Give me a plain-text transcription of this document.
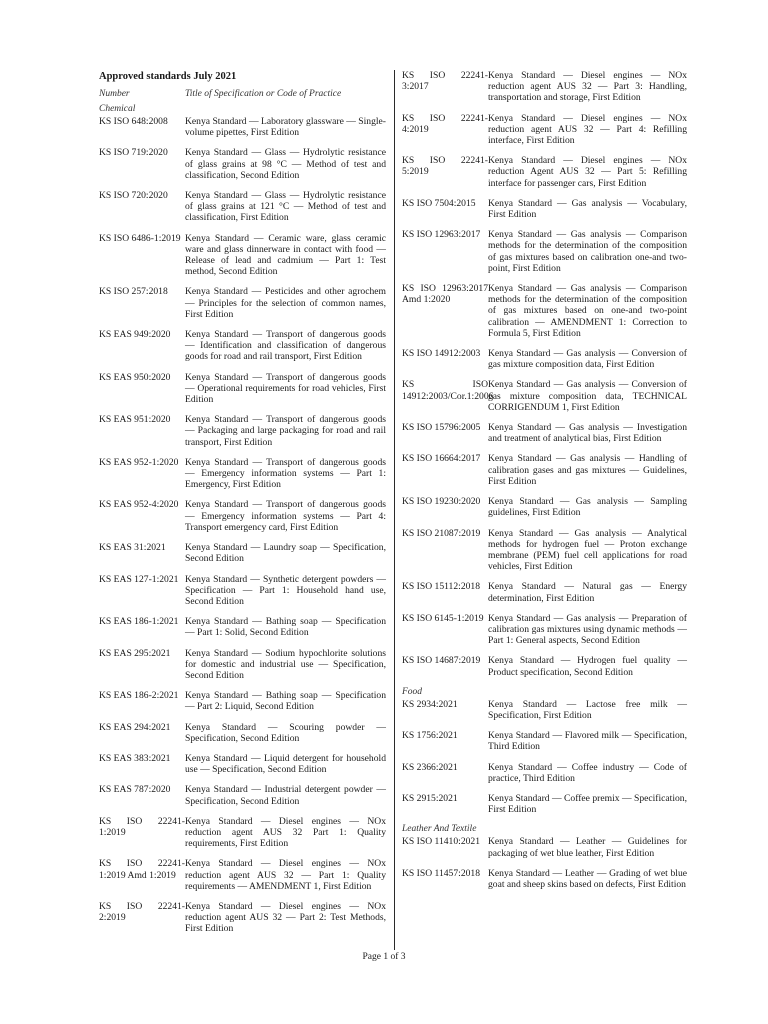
Approved standards July 2021
Number	Title of Specification or Code of Practice
Chemical
KS ISO 648:2008	Kenya Standard — Laboratory glassware — Single-volume pipettes, First Edition
KS ISO 719:2020	Kenya Standard — Glass — Hydrolytic resistance of glass grains at 98 °C — Method of test and classification, Second Edition
KS ISO 720:2020	Kenya Standard — Glass — Hydrolytic resistance of glass grains at 121 °C — Method of test and classification, First Edition
KS ISO 6486-1:2019 Kenya Standard — Ceramic ware, glass ceramic ware and glass dinnerware in contact with food — Release of lead and cadmium — Part 1: Test method, Second Edition
KS ISO 257:2018	Kenya Standard — Pesticides and other agrochem — Principles for the selection of common names, First Edition
KS EAS 949:2020	Kenya Standard — Transport of dangerous goods — Identification and classification of dangerous goods for road and rail transport, First Edition
KS EAS 950:2020	Kenya Standard — Transport of dangerous goods — Operational requirements for road vehicles, First Edition
KS EAS 951:2020	Kenya Standard — Transport of dangerous goods — Packaging and large packaging for road and rail transport, First Edition
KS EAS 952-1:2020 Kenya Standard — Transport of dangerous goods — Emergency information systems — Part 1: Emergency, First Edition
KS EAS 952-4:2020 Kenya Standard — Transport of dangerous goods — Emergency information systems — Part 4: Transport emergency card, First Edition
KS EAS 31:2021	Kenya Standard — Laundry soap — Specification, Second Edition
KS EAS 127-1:2021 Kenya Standard — Synthetic detergent powders — Specification — Part 1: Household hand use, Second Edition
KS EAS 186-1:2021 Kenya Standard — Bathing soap — Specification — Part 1: Solid, Second Edition
KS EAS 295:2021	Kenya Standard — Sodium hypochlorite solutions for domestic and industrial use — Specification, Second Edition
KS EAS 186-2:2021 Kenya Standard — Bathing soap — Specification — Part 2: Liquid, Second Edition
KS EAS 294:2021	Kenya Standard — Scouring powder — Specification, Second Edition
KS EAS 383:2021	Kenya Standard — Liquid detergent for household use — Specification, Second Edition
KS EAS 787:2020	Kenya Standard — Industrial detergent powder — Specification, Second Edition
KS ISO 22241-1:2019
Kenya Standard — Diesel engines — NOx reduction agent AUS 32 Part 1: Quality requirements, First Edition
KS ISO 22241-1:2019 Amd 1:2019
Kenya Standard — Diesel engines — NOx reduction agent AUS 32 — Part 1: Quality requirements — AMENDMENT 1, First Edition
KS ISO 22241-2:2019
Kenya Standard — Diesel engines — NOx reduction agent AUS 32 — Part 2: Test Methods, First Edition
KS ISO 22241-3:2017
Kenya Standard — Diesel engines — NOx reduction agent AUS 32 — Part 3: Handling, transportation and storage, First Edition
KS ISO 22241-4:2019
Kenya Standard — Diesel engines — NOx reduction agent AUS 32 — Part 4: Refilling interface, First Edition
KS ISO 22241-5:2019
Kenya Standard — Diesel engines — NOx reduction Agent AUS 32 — Part 5: Refilling interface for passenger cars, First Edition
KS ISO 7504:2015	Kenya Standard — Gas analysis — Vocabulary, First Edition
KS ISO 12963:2017 Kenya Standard — Gas analysis — Comparison methods for the determination of the composition of gas mixtures based on calibration one-and two-point, First Edition
KS ISO 12963:2017 Amd 1:2020
Kenya Standard — Gas analysis — Comparison methods for the determination of the composition of gas mixtures based on one-and two-point calibration — AMENDMENT 1: Correction to Formula 5, First Edition
KS ISO 14912:2003 Kenya Standard — Gas analysis — Conversion of gas mixture composition data, First Edition
KS ISO 14912:2003/Cor.1:2006
Kenya Standard — Gas analysis — Conversion of gas mixture composition data, TECHNICAL CORRIGENDUM 1, First Edition
KS ISO 15796:2005 Kenya Standard — Gas analysis — Investigation and treatment of analytical bias, First Edition
KS ISO 16664:2017 Kenya Standard — Gas analysis — Handling of calibration gases and gas mixtures — Guidelines, First Edition
KS ISO 19230:2020 Kenya Standard — Gas analysis — Sampling guidelines, First Edition
KS ISO 21087:2019 Kenya Standard — Gas analysis — Analytical methods for hydrogen fuel — Proton exchange membrane (PEM) fuel cell applications for road vehicles, First Edition
KS ISO 15112:2018 Kenya Standard — Natural gas — Energy determination, First Edition
KS ISO 6145-1:2019 Kenya Standard — Gas analysis — Preparation of calibration gas mixtures using dynamic methods — Part 1: General aspects, Second Edition
KS ISO 14687:2019 Kenya Standard — Hydrogen fuel quality — Product specification, Second Edition
Food
KS 2934:2021	Kenya Standard — Lactose free milk — Specification, First Edition
KS 1756:2021	Kenya Standard — Flavored milk — Specification, Third Edition
KS 2366:2021	Kenya Standard — Coffee industry — Code of practice, Third Edition
KS 2915:2021	Kenya Standard — Coffee premix — Specification, First Edition
Leather And Textile
KS ISO 11410:2021 Kenya Standard — Leather — Guidelines for packaging of wet blue leather, First Edition
KS ISO 11457:2018 Kenya Standard — Leather — Grading of wet blue goat and sheep skins based on defects, First Edition
Page 1 of 3
